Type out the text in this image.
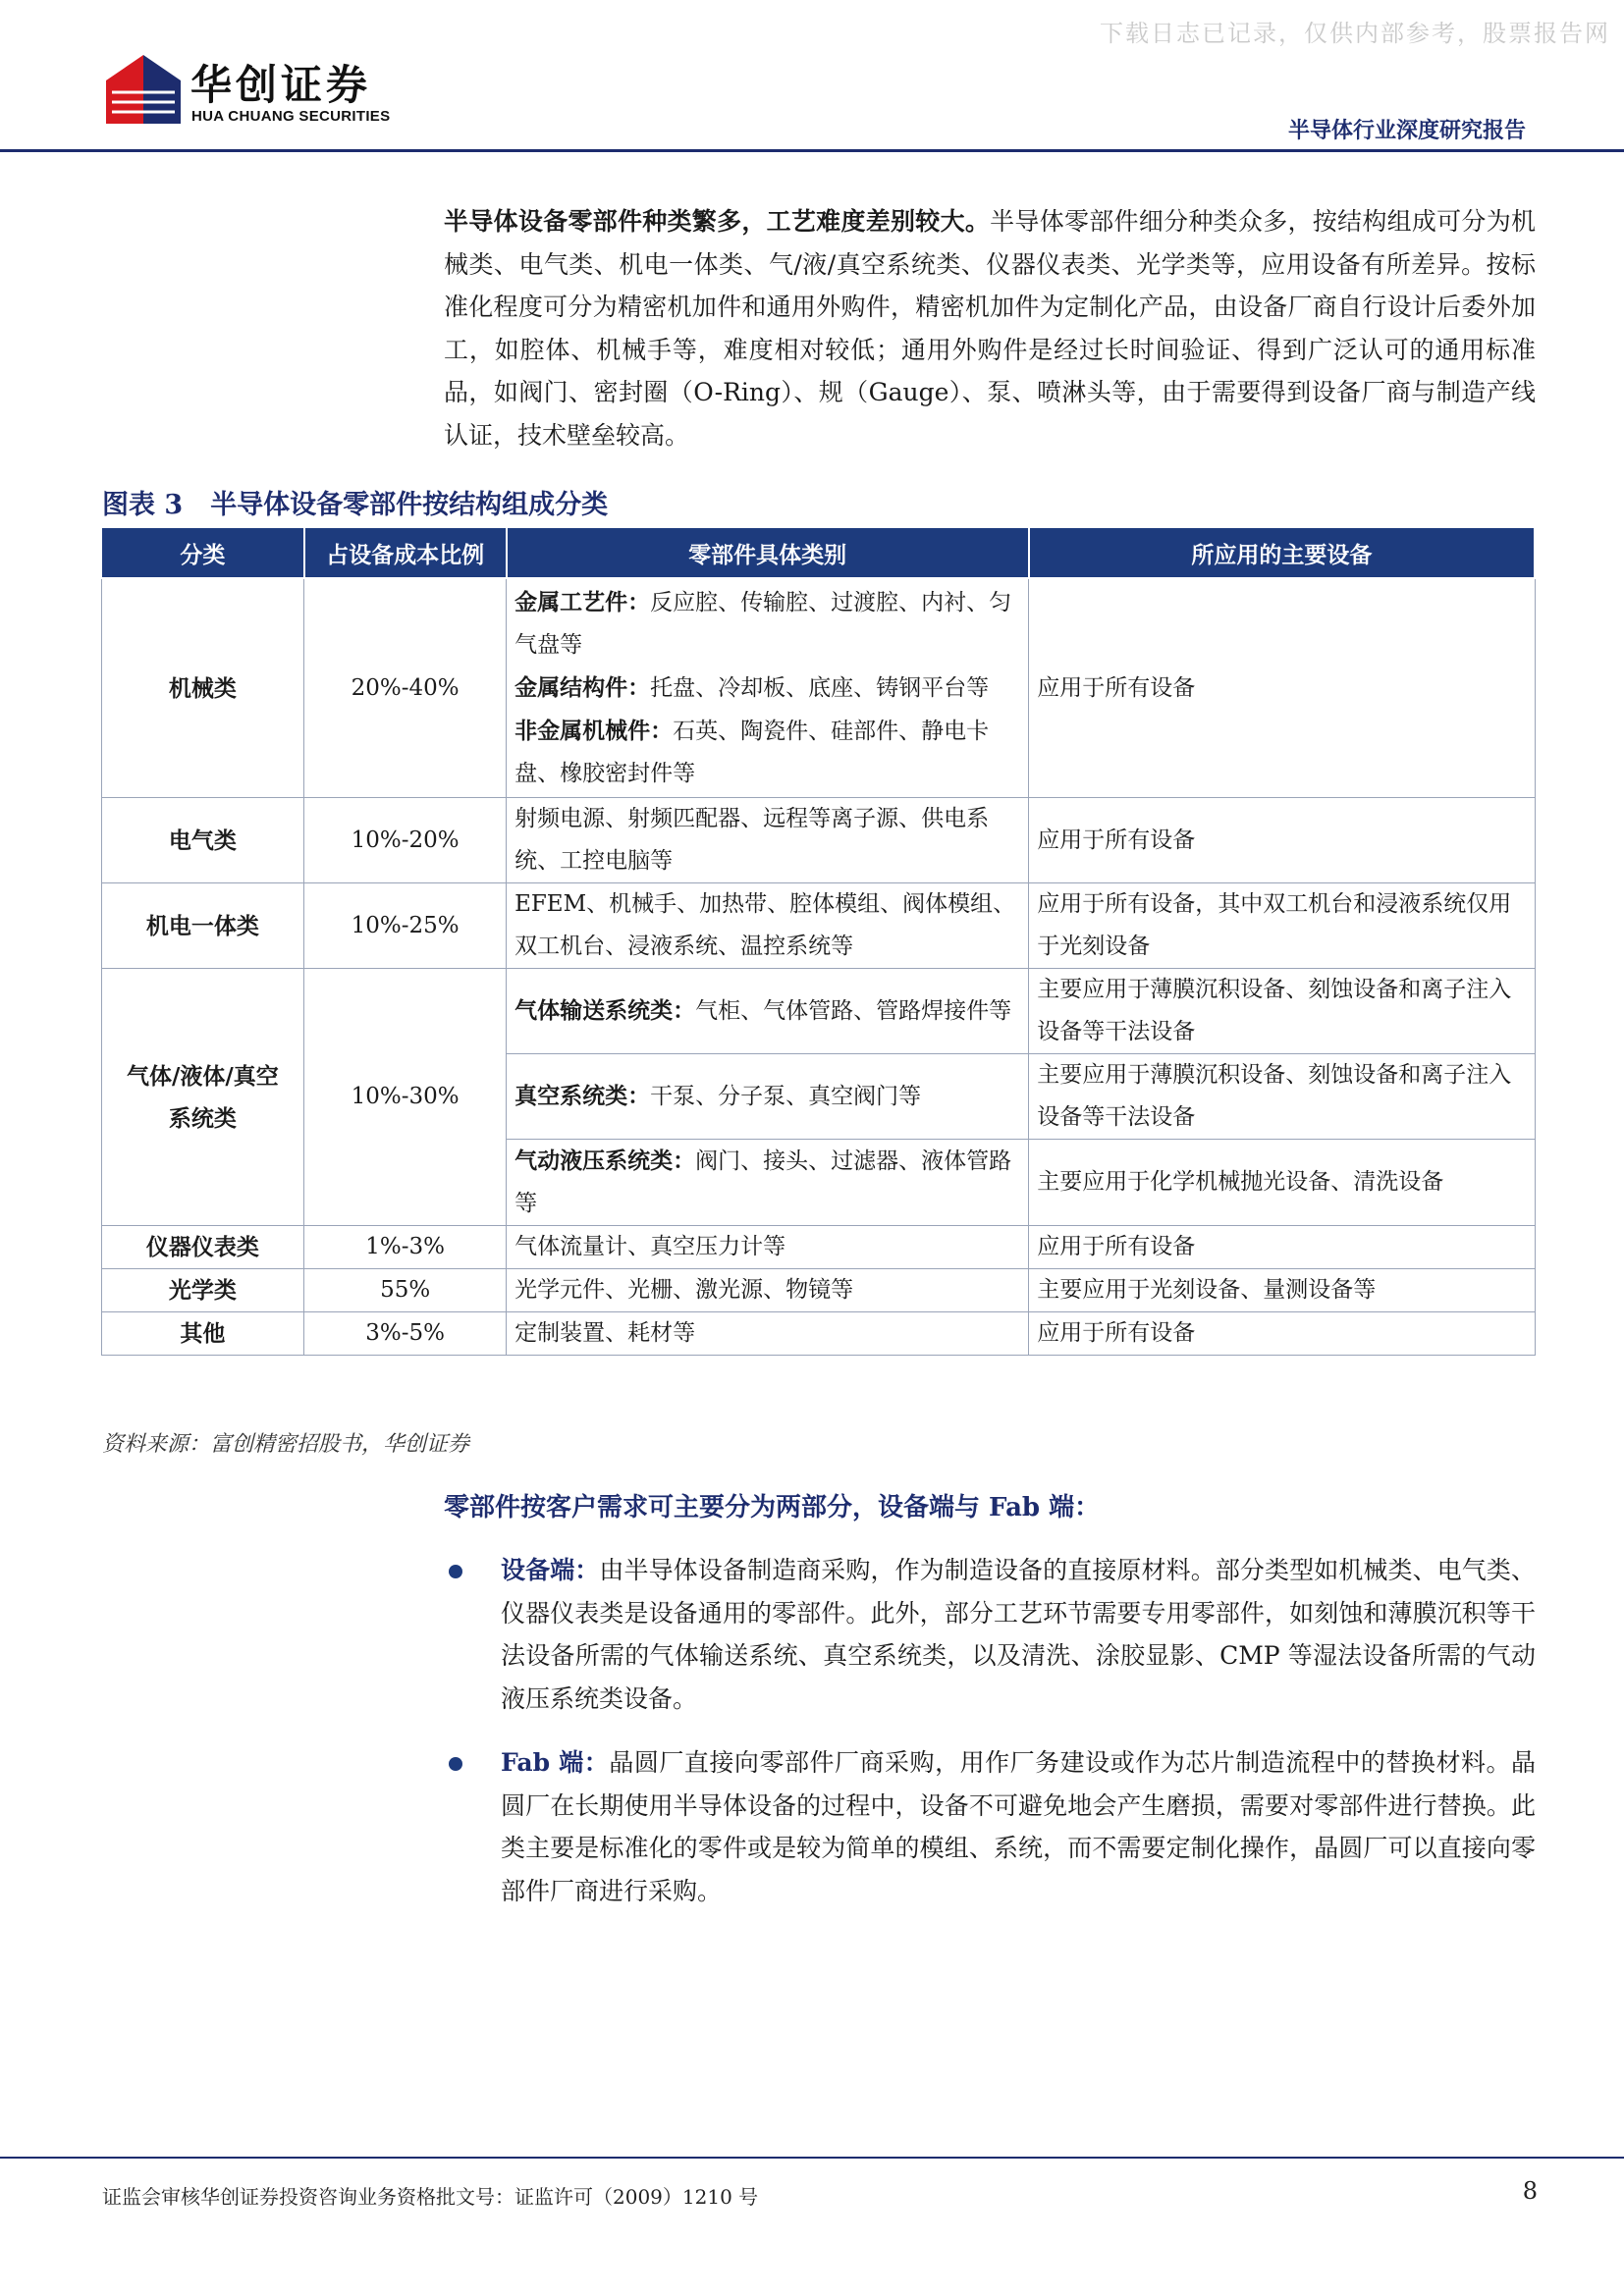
下载日志已记录，仅供内部参考，股票报告网
华创证券
HUA CHUANG SECURITIES
半导体行业深度研究报告
半导体设备零部件种类繁多，工艺难度差别较大。半导体零部件细分种类众多，按结构组成可分为机械类、电气类、机电一体类、气/液/真空系统类、仪器仪表类、光学类等，应用设备有所差异。按标准化程度可分为精密机加件和通用外购件，精密机加件为定制化产品，由设备厂商自行设计后委外加工，如腔体、机械手等，难度相对较低；通用外购件是经过长时间验证、得到广泛认可的通用标准品，如阀门、密封圈（O-Ring）、规（Gauge）、泵、喷淋头等，由于需要得到设备厂商与制造产线认证，技术壁垒较高。
图表 3 半导体设备零部件按结构组成分类
分类	占设备成本比例	零部件具体类别	所应用的主要设备
机械类	20%-40%	金属工艺件：反应腔、传输腔、过渡腔、内衬、匀气盘等
金属结构件：托盘、冷却板、底座、铸钢平台等
非金属机械件：石英、陶瓷件、硅部件、静电卡盘、橡胶密封件等	应用于所有设备
电气类	10%-20%	射频电源、射频匹配器、远程等离子源、供电系统、工控电脑等	应用于所有设备
机电一体类	10%-25%	EFEM、机械手、加热带、腔体模组、阀体模组、双工机台、浸液系统、温控系统等	应用于所有设备，其中双工机台和浸液系统仅用于光刻设备
气体/液体/真空系统类	10%-30%	气体输送系统类：气柜、气体管路、管路焊接件等	主要应用于薄膜沉积设备、刻蚀设备和离子注入设备等干法设备
		真空系统类：干泵、分子泵、真空阀门等	主要应用于薄膜沉积设备、刻蚀设备和离子注入设备等干法设备
		气动液压系统类：阀门、接头、过滤器、液体管路等	主要应用于化学机械抛光设备、清洗设备
仪器仪表类	1%-3%	气体流量计、真空压力计等	应用于所有设备
光学类	55%	光学元件、光栅、激光源、物镜等	主要应用于光刻设备、量测设备等
其他	3%-5%	定制装置、耗材等	应用于所有设备
资料来源：富创精密招股书，华创证券
零部件按客户需求可主要分为两部分，设备端与 Fab 端：
设备端：由半导体设备制造商采购，作为制造设备的直接原材料。部分类型如机械类、电气类、仪器仪表类是设备通用的零部件。此外，部分工艺环节需要专用零部件，如刻蚀和薄膜沉积等干法设备所需的气体输送系统、真空系统类，以及清洗、涂胶显影、CMP 等湿法设备所需的气动液压系统类设备。
Fab 端：晶圆厂直接向零部件厂商采购，用作厂务建设或作为芯片制造流程中的替换材料。晶圆厂在长期使用半导体设备的过程中，设备不可避免地会产生磨损，需要对零部件进行替换。此类主要是标准化的零件或是较为简单的模组、系统，而不需要定制化操作，晶圆厂可以直接向零部件厂商进行采购。
证监会审核华创证券投资咨询业务资格批文号：证监许可（2009）1210 号	8
